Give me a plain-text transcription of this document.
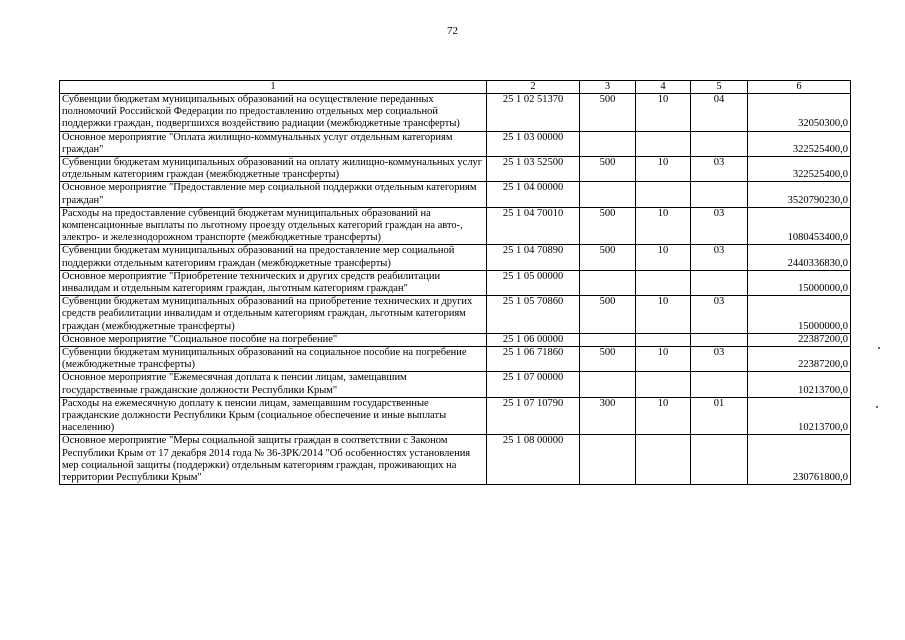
72
1	2	3	4	5	6
Субвенции бюджетам муниципальных образований на осуществление переданных полномочий Российской Федерации по предоставлению отдельных мер социальной поддержки граждан, подвергшихся воздействию радиации (межбюджетные трансферты)	25 1 02 51370	500	10	04	32050300,0
Основное мероприятие "Оплата жилищно-коммунальных услуг отдельным категориям граждан"	25 1 03 00000				322525400,0
Субвенции бюджетам муниципальных образований на оплату жилищно-коммунальных услуг отдельным категориям граждан (межбюджетные трансферты)	25 1 03 52500	500	10	03	322525400,0
Основное мероприятие "Предоставление мер социальной поддержки отдельным категориям граждан"	25 1 04 00000				3520790230,0
Расходы на предоставление субвенций бюджетам муниципальных образований на компенсационные выплаты по льготному проезду отдельных категорий граждан на авто-, электро- и железнодорожном транспорте (межбюджетные трансферты)	25 1 04 70010	500	10	03	1080453400,0
Субвенции бюджетам муниципальных образований на предоставление мер социальной поддержки отдельным категориям граждан (межбюджетные трансферты)	25 1 04 70890	500	10	03	2440336830,0
Основное мероприятие "Приобретение технических и других средств реабилитации инвалидам и отдельным категориям граждан, льготным категориям граждан"	25 1 05 00000				15000000,0
Субвенции бюджетам муниципальных образований на приобретение технических и других средств реабилитации инвалидам и отдельным категориям граждан, льготным категориям граждан (межбюджетные трансферты)	25 1 05 70860	500	10	03	15000000,0
Основное мероприятие "Социальное пособие на погребение"	25 1 06 00000				22387200,0
Субвенции бюджетам муниципальных образований на социальное пособие на погребение (межбюджетные трансферты)	25 1 06 71860	500	10	03	22387200,0
Основное мероприятие "Ежемесячная доплата к пенсии лицам, замещавшим государственные гражданские должности Республики Крым"	25 1 07 00000				10213700,0
Расходы на ежемесячную доплату к пенсии лицам, замещавшим государственные гражданские должности Республики Крым (социальное обеспечение и иные выплаты населению)	25 1 07 10790	300	10	01	10213700,0
Основное мероприятие "Меры социальной защиты граждан в соответствии с Законом Республики Крым от 17 декабря 2014 года № 36-ЗРК/2014 "Об особенностях установления мер социальной защиты (поддержки) отдельным категориям граждан, проживающих на территории Республики Крым"	25 1 08 00000				230761800,0
